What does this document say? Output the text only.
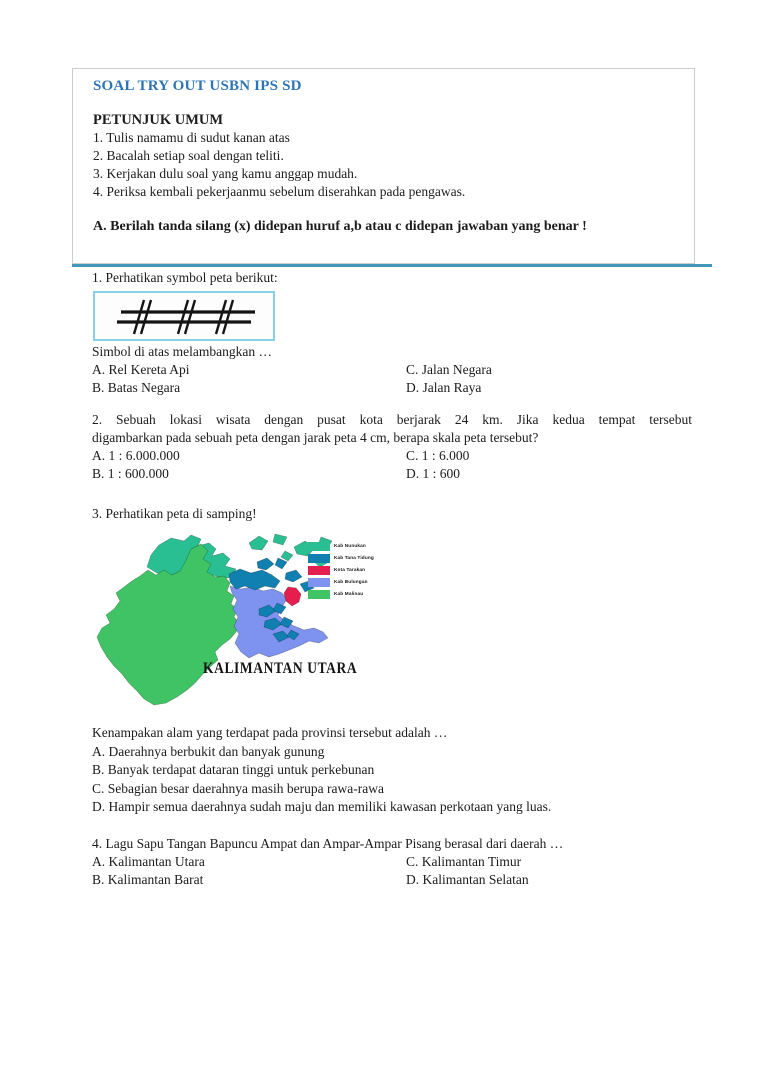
SOAL TRY OUT USBN IPS SD
PETUNJUK UMUM
1. Tulis namamu di sudut kanan atas
2. Bacalah setiap soal dengan teliti.
3. Kerjakan dulu soal yang kamu anggap mudah.
4. Periksa kembali pekerjaanmu sebelum diserahkan pada pengawas.
A. Berilah tanda silang (x) didepan huruf a,b atau c didepan jawaban yang benar !
1. Perhatikan symbol peta berikut:
Simbol di atas melambangkan …
A. Rel Kereta Api	C. Jalan Negara
B. Batas Negara	D. Jalan Raya
2. Sebuah lokasi wisata dengan pusat kota berjarak 24 km. Jika kedua tempat tersebut
digambarkan pada sebuah peta dengan jarak peta 4 cm, berapa skala peta tersebut?
A. 1 : 6.000.000	C. 1 : 6.000
B. 1 : 600.000	D. 1 : 600
3. Perhatikan peta di samping!
Kab Nunukan
Kab Tana Tidung
Kota Tarakan
Kab Bulungan
Kab Malinau
KALIMANTAN UTARA
Kenampakan alam yang terdapat pada provinsi tersebut adalah …
A. Daerahnya berbukit dan banyak gunung
B. Banyak terdapat dataran tinggi untuk perkebunan
C. Sebagian besar daerahnya masih berupa rawa-rawa
D. Hampir semua daerahnya sudah maju dan memiliki kawasan perkotaan yang luas.
4. Lagu Sapu Tangan Bapuncu Ampat dan Ampar-Ampar Pisang berasal dari daerah …
A. Kalimantan Utara	C. Kalimantan Timur
B. Kalimantan Barat	D. Kalimantan Selatan
